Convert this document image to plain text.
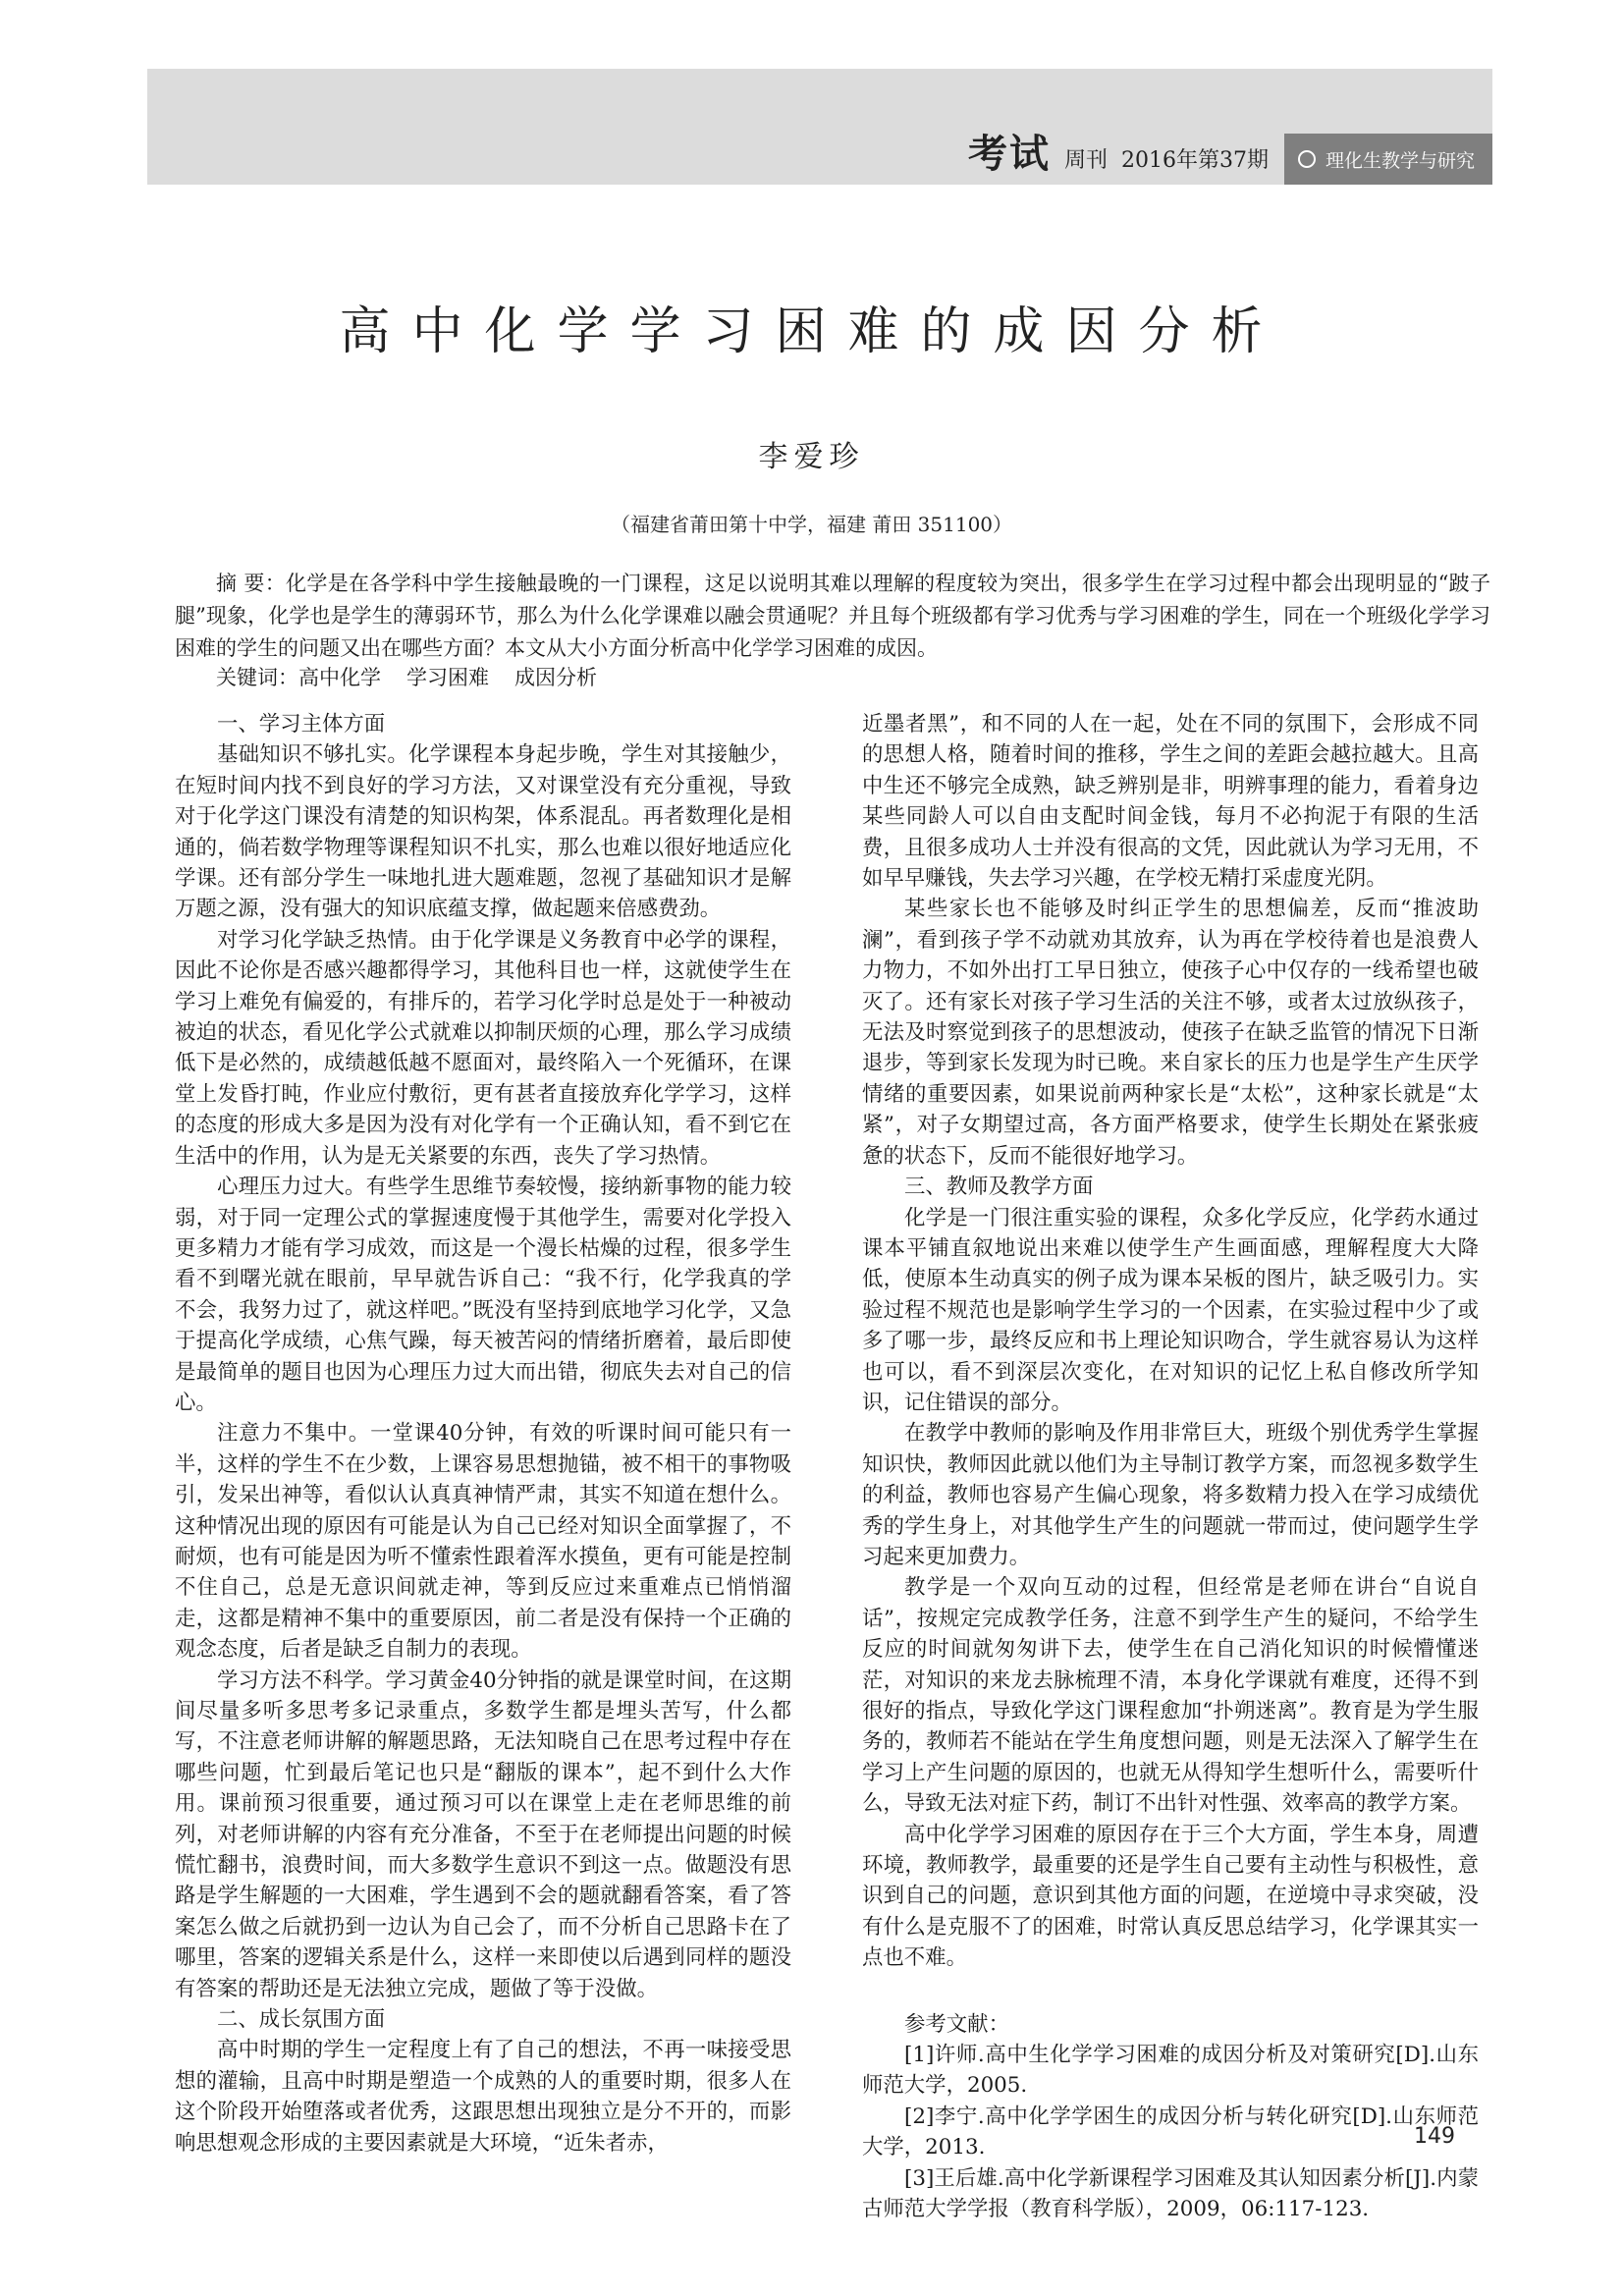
考试 周刊 2016年第37期	理化生教学与研究
高中化学学习困难的成因分析
李爱珍
（福建省莆田第十中学，福建 莆田 351100）
摘 要：化学是在各学科中学生接触最晚的一门课程，这足以说明其难以理解的程度较为突出，很多学生在学习过程中都会出现明显的“跛子腿”现象，化学也是学生的薄弱环节，那么为什么化学课难以融会贯通呢？并且每个班级都有学习优秀与学习困难的学生，同在一个班级化学学习困难的学生的问题又出在哪些方面？本文从大小方面分析高中化学学习困难的成因。
关键词：高中化学 学习困难 成因分析
一、学习主体方面

基础知识不够扎实。化学课程本身起步晚，学生对其接触少，在短时间内找不到良好的学习方法，又对课堂没有充分重视，导致对于化学这门课没有清楚的知识构架，体系混乱。再者数理化是相通的，倘若数学物理等课程知识不扎实，那么也难以很好地适应化学课。还有部分学生一味地扎进大题难题，忽视了基础知识才是解万题之源，没有强大的知识底蕴支撑，做起题来倍感费劲。

对学习化学缺乏热情。由于化学课是义务教育中必学的课程，因此不论你是否感兴趣都得学习，其他科目也一样，这就使学生在学习上难免有偏爱的，有排斥的，若学习化学时总是处于一种被动被迫的状态，看见化学公式就难以抑制厌烦的心理，那么学习成绩低下是必然的，成绩越低越不愿面对，最终陷入一个死循环，在课堂上发昏打盹，作业应付敷衍，更有甚者直接放弃化学学习，这样的态度的形成大多是因为没有对化学有一个正确认知，看不到它在生活中的作用，认为是无关紧要的东西，丧失了学习热情。

心理压力过大。有些学生思维节奏较慢，接纳新事物的能力较弱，对于同一定理公式的掌握速度慢于其他学生，需要对化学投入更多精力才能有学习成效，而这是一个漫长枯燥的过程，很多学生看不到曙光就在眼前，早早就告诉自己：“我不行，化学我真的学不会，我努力过了，就这样吧。”既没有坚持到底地学习化学，又急于提高化学成绩，心焦气躁，每天被苦闷的情绪折磨着，最后即使是最简单的题目也因为心理压力过大而出错，彻底失去对自己的信心。

注意力不集中。一堂课40分钟，有效的听课时间可能只有一半，这样的学生不在少数，上课容易思想抛锚，被不相干的事物吸引，发呆出神等，看似认认真真神情严肃，其实不知道在想什么。这种情况出现的原因有可能是认为自己已经对知识全面掌握了，不耐烦，也有可能是因为听不懂索性跟着浑水摸鱼，更有可能是控制不住自己，总是无意识间就走神，等到反应过来重难点已悄悄溜走，这都是精神不集中的重要原因，前二者是没有保持一个正确的观念态度，后者是缺乏自制力的表现。

学习方法不科学。学习黄金40分钟指的就是课堂时间，在这期间尽量多听多思考多记录重点，多数学生都是埋头苦写，什么都写，不注意老师讲解的解题思路，无法知晓自己在思考过程中存在哪些问题，忙到最后笔记也只是“翻版的课本”，起不到什么大作用。课前预习很重要，通过预习可以在课堂上走在老师思维的前列，对老师讲解的内容有充分准备，不至于在老师提出问题的时候慌忙翻书，浪费时间，而大多数学生意识不到这一点。做题没有思路是学生解题的一大困难，学生遇到不会的题就翻看答案，看了答案怎么做之后就扔到一边认为自己会了，而不分析自己思路卡在了哪里，答案的逻辑关系是什么，这样一来即使以后遇到同样的题没有答案的帮助还是无法独立完成，题做了等于没做。

二、成长氛围方面

高中时期的学生一定程度上有了自己的想法，不再一味接受思想的灌输，且高中时期是塑造一个成熟的人的重要时期，很多人在这个阶段开始堕落或者优秀，这跟思想出现独立是分不开的，而影响思想观念形成的主要因素就是大环境，“近朱者赤，

近墨者黑”，和不同的人在一起，处在不同的氛围下，会形成不同的思想人格，随着时间的推移，学生之间的差距会越拉越大。且高中生还不够完全成熟，缺乏辨别是非，明辨事理的能力，看着身边某些同龄人可以自由支配时间金钱，每月不必拘泥于有限的生活费，且很多成功人士并没有很高的文凭，因此就认为学习无用，不如早早赚钱，失去学习兴趣，在学校无精打采虚度光阴。

某些家长也不能够及时纠正学生的思想偏差，反而“推波助澜”，看到孩子学不动就劝其放弃，认为再在学校待着也是浪费人力物力，不如外出打工早日独立，使孩子心中仅存的一线希望也破灭了。还有家长对孩子学习生活的关注不够，或者太过放纵孩子，无法及时察觉到孩子的思想波动，使孩子在缺乏监管的情况下日渐退步，等到家长发现为时已晚。来自家长的压力也是学生产生厌学情绪的重要因素，如果说前两种家长是“太松”，这种家长就是“太紧”，对子女期望过高，各方面严格要求，使学生长期处在紧张疲惫的状态下，反而不能很好地学习。

三、教师及教学方面

化学是一门很注重实验的课程，众多化学反应，化学药水通过课本平铺直叙地说出来难以使学生产生画面感，理解程度大大降低，使原本生动真实的例子成为课本呆板的图片，缺乏吸引力。实验过程不规范也是影响学生学习的一个因素，在实验过程中少了或多了哪一步，最终反应和书上理论知识吻合，学生就容易认为这样也可以，看不到深层次变化，在对知识的记忆上私自修改所学知识，记住错误的部分。

在教学中教师的影响及作用非常巨大，班级个别优秀学生掌握知识快，教师因此就以他们为主导制订教学方案，而忽视多数学生的利益，教师也容易产生偏心现象，将多数精力投入在学习成绩优秀的学生身上，对其他学生产生的问题就一带而过，使问题学生学习起来更加费力。

教学是一个双向互动的过程，但经常是老师在讲台“自说自话”，按规定完成教学任务，注意不到学生产生的疑问，不给学生反应的时间就匆匆讲下去，使学生在自己消化知识的时候懵懂迷茫，对知识的来龙去脉梳理不清，本身化学课就有难度，还得不到很好的指点，导致化学这门课程愈加“扑朔迷离”。教育是为学生服务的，教师若不能站在学生角度想问题，则是无法深入了解学生在学习上产生问题的原因的，也就无从得知学生想听什么，需要听什么，导致无法对症下药，制订不出针对性强、效率高的教学方案。

高中化学学习困难的原因存在于三个大方面，学生本身，周遭环境，教师教学，最重要的还是学生自己要有主动性与积极性，意识到自己的问题，意识到其他方面的问题，在逆境中寻求突破，没有什么是克服不了的困难，时常认真反思总结学习，化学课其实一点也不难。

参考文献：

[1]许师.高中生化学学习困难的成因分析及对策研究[D].山东师范大学，2005.

[2]李宁.高中化学学困生的成因分析与转化研究[D].山东师范大学，2013.

[3]王后雄.高中化学新课程学习困难及其认知因素分析[J].内蒙古师范大学学报（教育科学版），2009，06:117-123.

149
